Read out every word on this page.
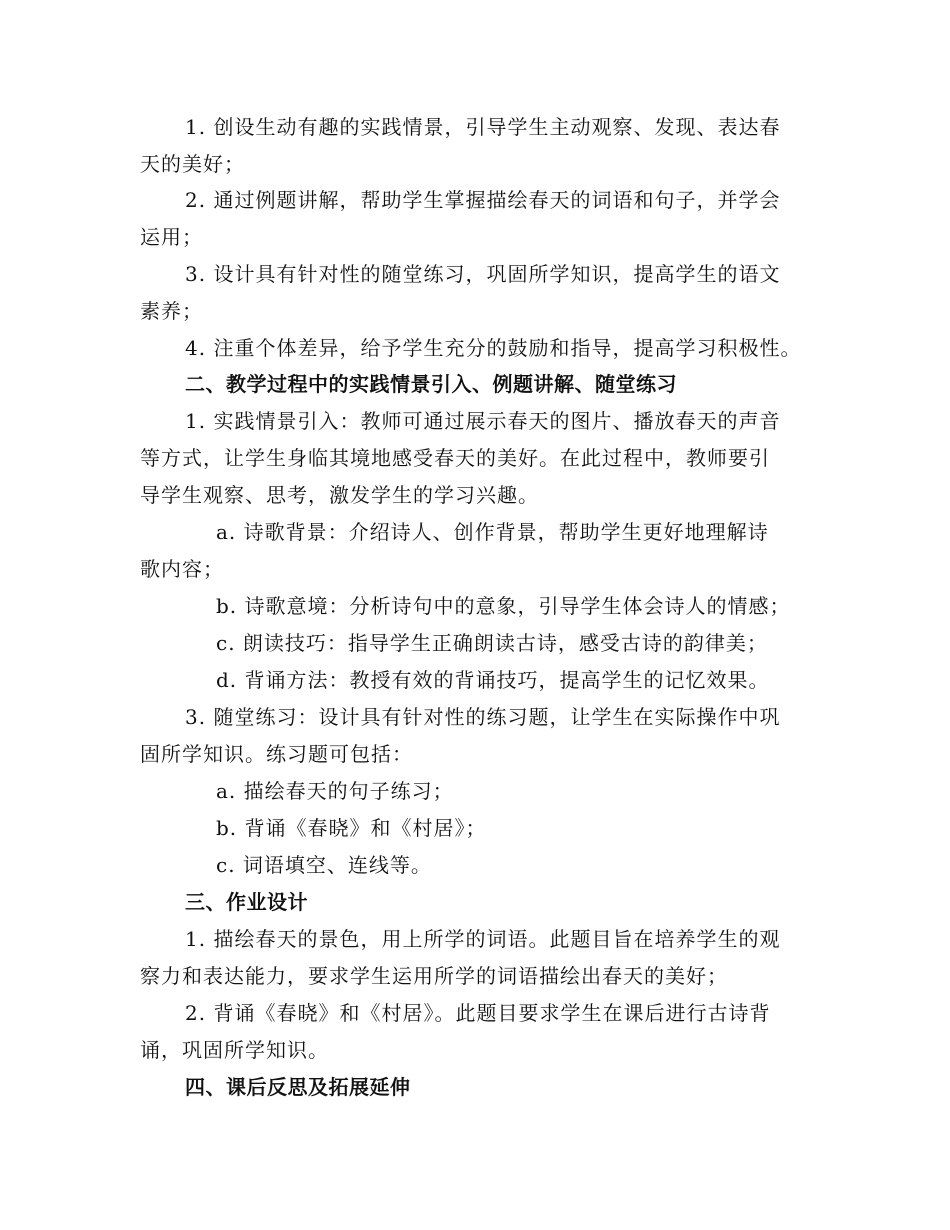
1. 创设生动有趣的实践情景，引导学生主动观察、发现、表达春
天的美好；
2. 通过例题讲解，帮助学生掌握描绘春天的词语和句子，并学会
运用；
3. 设计具有针对性的随堂练习，巩固所学知识，提高学生的语文
素养；
4. 注重个体差异，给予学生充分的鼓励和指导，提高学习积极性。
二、教学过程中的实践情景引入、例题讲解、随堂练习
1. 实践情景引入：教师可通过展示春天的图片、播放春天的声音
等方式，让学生身临其境地感受春天的美好。在此过程中，教师要引
导学生观察、思考，激发学生的学习兴趣。
a. 诗歌背景：介绍诗人、创作背景，帮助学生更好地理解诗
歌内容；
b. 诗歌意境：分析诗句中的意象，引导学生体会诗人的情感；
c. 朗读技巧：指导学生正确朗读古诗，感受古诗的韵律美；
d. 背诵方法：教授有效的背诵技巧，提高学生的记忆效果。
3. 随堂练习：设计具有针对性的练习题，让学生在实际操作中巩
固所学知识。练习题可包括：
a. 描绘春天的句子练习；
b. 背诵《春晓》和《村居》；
c. 词语填空、连线等。
三、作业设计
1. 描绘春天的景色，用上所学的词语。此题目旨在培养学生的观
察力和表达能力，要求学生运用所学的词语描绘出春天的美好；
2. 背诵《春晓》和《村居》。此题目要求学生在课后进行古诗背
诵，巩固所学知识。
四、课后反思及拓展延伸
